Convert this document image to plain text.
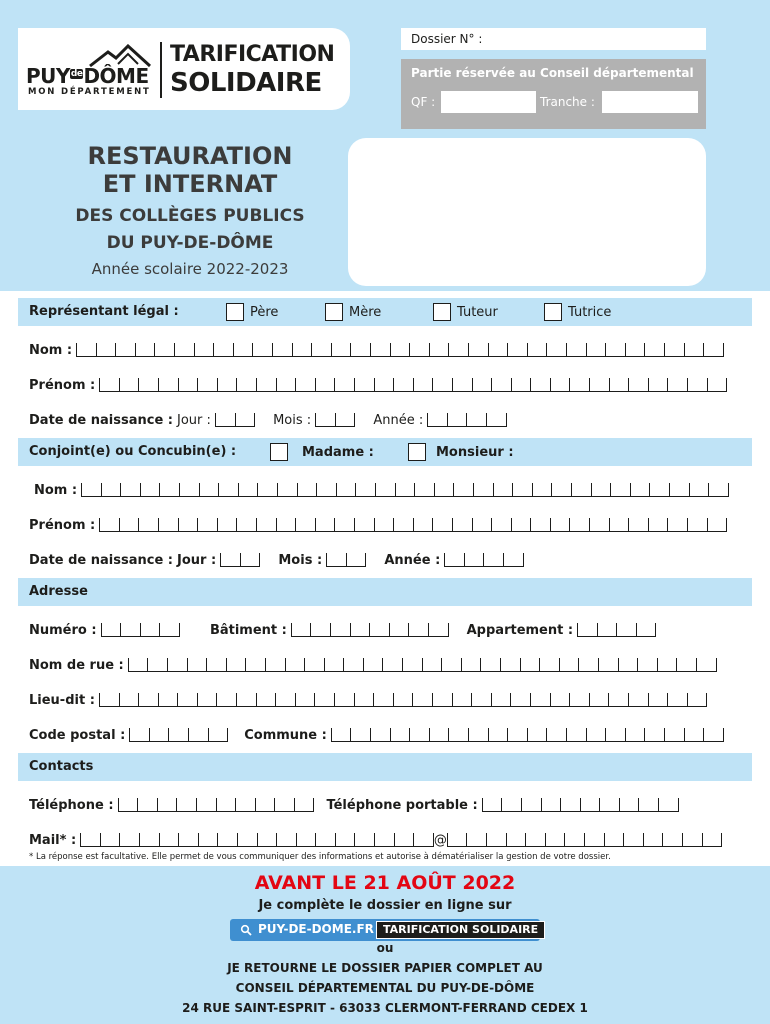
$PUY^{de}DÔME$
MON DÉPARTEMENT
TARIFICATION
SOLIDAIRE
Dossier N° :
Partie réservée au Conseil départemental
QF :	Tranche :
RESTAURATION
ET INTERNAT
DES COLLÈGES PUBLICS
DU PUY-DE-DÔME
Année scolaire 2022-2023
Représentant légal :	Père	Mère	Tuteur	Tutrice
Nom :
Prénom :
Date de naissance : Jour :	Mois :	Année :
Conjoint(e) ou Concubin(e) :	Madame :	Monsieur :
Nom :
Prénom :
Date de naissance : Jour :	Mois :	Année :
Adresse
Numéro :	Bâtiment :	Appartement :
Nom de rue :
Lieu-dit :
Code postal :	Commune :
Contacts
Téléphone :	Téléphone portable :
Mail* :	@
* La réponse est facultative. Elle permet de vous communiquer des informations et autorise à dématérialiser la gestion de votre dossier.
AVANT LE 21 AOÛT 2022
Je complète le dossier en ligne sur
PUY-DE-DOME.FR TARIFICATION SOLIDAIRE
ou
JE RETOURNE LE DOSSIER PAPIER COMPLET AU
CONSEIL DÉPARTEMENTAL DU PUY-DE-DÔME
24 RUE SAINT-ESPRIT - 63033 CLERMONT-FERRAND CEDEX 1
